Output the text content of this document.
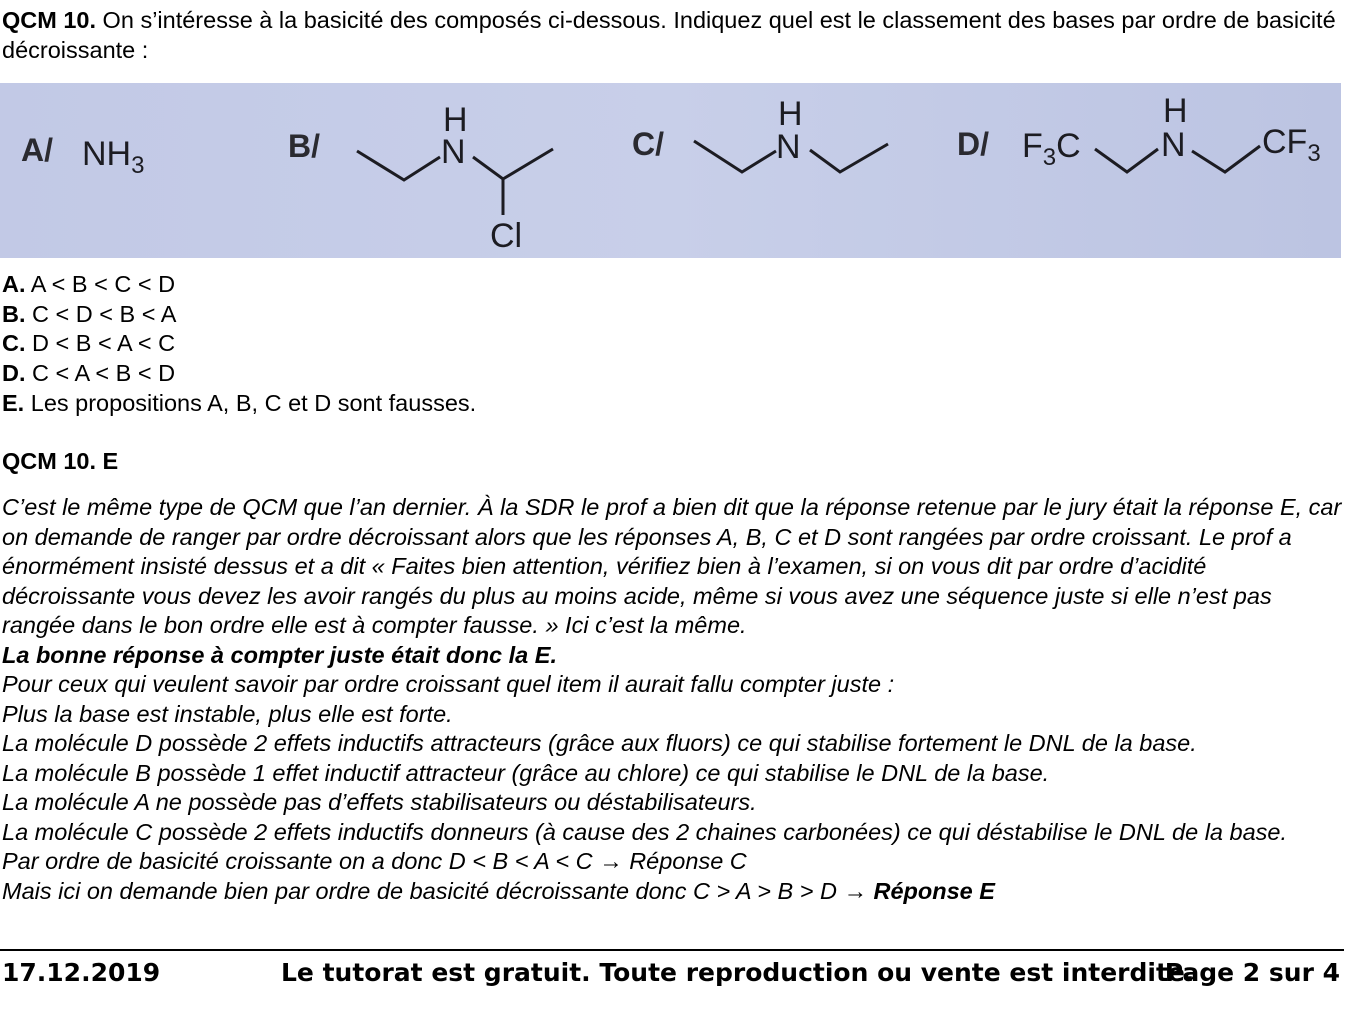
QCM 10. On s’intéresse à la basicité des composés ci-dessous. Indiquez quel est le classement des bases par ordre de basicité décroissante :
A/ $NH_3$
B/
H
N
Cl
C/
H
N	D/ $F_3C$
H
N $CF_3$
A. A < B < C < D
B. C < D < B < A
C. D < B < A < C
D. C < A < B < D
E. Les propositions A, B, C et D sont fausses.
QCM 10. E
C’est le même type de QCM que l’an dernier. À la SDR le prof a bien dit que la réponse retenue par le jury était la réponse E, car on demande de ranger par ordre décroissant alors que les réponses A, B, C et D sont rangées par ordre croissant. Le prof a énormément insisté dessus et a dit « Faites bien attention, vérifiez bien à l’examen, si on vous dit par ordre d’acidité décroissante vous devez les avoir rangés du plus au moins acide, même si vous avez une séquence juste si elle n’est pas rangée dans le bon ordre elle est à compter fausse. » Ici c’est la même.
La bonne réponse à compter juste était donc la E.
Pour ceux qui veulent savoir par ordre croissant quel item il aurait fallu compter juste :
Plus la base est instable, plus elle est forte.
La molécule D possède 2 effets inductifs attracteurs (grâce aux fluors) ce qui stabilise fortement le DNL de la base.
La molécule B possède 1 effet inductif attracteur (grâce au chlore) ce qui stabilise le DNL de la base.
La molécule A ne possède pas d’effets stabilisateurs ou déstabilisateurs.
La molécule C possède 2 effets inductifs donneurs (à cause des 2 chaines carbonées) ce qui déstabilise le DNL de la base.
Par ordre de basicité croissante on a donc D < B < A < C → Réponse C
Mais ici on demande bien par ordre de basicité décroissante donc C > A > B > D → Réponse E
17.12.2019	Le tutorat est gratuit. Toute reproduction ou vente est interdite.
Page 2 sur 4
